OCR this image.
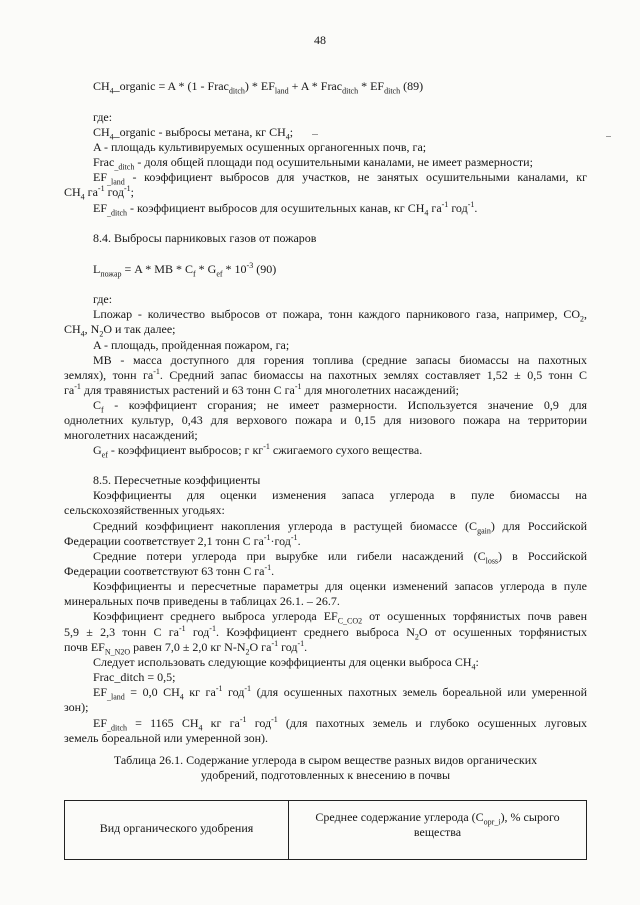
48
$CH_4\_organic = A * (1$ - Frac$_{ditch}$) * $EF_{land} + A$ * Frac$_{ditch}$ * $EF_{ditch}$ (89)
где:
$CH_4\_organic$ - выбросы метана, кг $CH_4$;
A - площадь культивируемых осушенных органогенных почв, га;
Frac$_{\_ditch}$ - доля общей площади под осушительными каналами, не имеет размерности;
$EF_{\_land}$ - коэффициент выбросов для участков, не занятых осушительными каналами, кг
$CH_4$ $га^{-1}$ год$^{-1}$;
$EF_{\_ditch}$ - коэффициент выбросов для осушительных канав, кг $CH_4$ $га^{-1}$ год$^{-1}$.
8.4. Выбросы парниковых газов от пожаров
$L_{пожар} = A$ * MB * $C_f * G_{ef} * 10^{-3}$ (90)
где:
Lпожар - количество выбросов от пожара, тонн каждого парникового газа, например, $CO_2$,
$CH_4$, $N_2O$ и так далее;
A - площадь, пройденная пожаром, га;
MB - масса доступного для горения топлива (средние запасы биомассы на пахотных
землях), тонн $га^{-1}$. Средний запас биомассы на пахотных землях составляет 1,52 ± 0,5 тонн С
$га^{-1}$ для травянистых растений и 63 тонн С $га^{-1}$ для многолетних насаждений;
$C_f$ - коэффициент сгорания; не имеет размерности. Используется значение 0,9 для
однолетних культур, 0,43 для верхового пожара и 0,15 для низового пожара на территории
многолетних насаждений;
$G_{ef}$ - коэффициент выбросов; г $кг^{-1}$ сжигаемого сухого вещества.
8.5. Пересчетные коэффициенты
Коэффициенты для оценки изменения запаса углерода в пуле биомассы на
сельскохозяйственных угодьях:
Средний коэффициент накопления углерода в растущей биомассе $(C_{gain})$ для Российской
Федерации соответствует 2,1 тонн С $га^{-1}\cdot год^{-1}$.
Средние потери углерода при вырубке или гибели насаждений $(C_{loss})$ в Российской
Федерации соответствуют 63 тонн С $га^{-1}$.
Коэффициенты и пересчетные параметры для оценки изменений запасов углерода в пуле
минеральных почв приведены в таблицах 26.1. – 26.7.
Коэффициент среднего выброса углерода $EF_{C\_CO2}$ от осушенных торфянистых почв равен
5,9 ± 2,3 тонн С $га^{-1}$ год$^{-1}$. Коэффициент среднего выброса $N_2O$ от осушенных торфянистых
почв $EF_{N\_N2O}$ равен 7,0 ± 2,0 кг $N-N_2O$ $га^{-1}$ год$^{-1}$.
Следует использовать следующие коэффициенты для оценки выброса $CH_4$:
Frac_ditch = 0,5;
$EF_{\_land} = 0,0$ $CH_4$ кг $га^{-1}$ год$^{-1}$ (для осушенных пахотных земель бореальной или умеренной
зон);
$EF_{\_ditch} = 1165$ $CH_4$ кг $га^{-1}$ год$^{-1}$ (для пахотных земель и глубоко осушенных луговых
земель бореальной или умеренной зон).
Таблица 26.1. Содержание углерода в сыром веществе разных видов органических
удобрений, подготовленных к внесению в почвы
Вид органического удобрения
Среднее содержание углерода $(C_{opr\_i})$, % сырого
вещества
